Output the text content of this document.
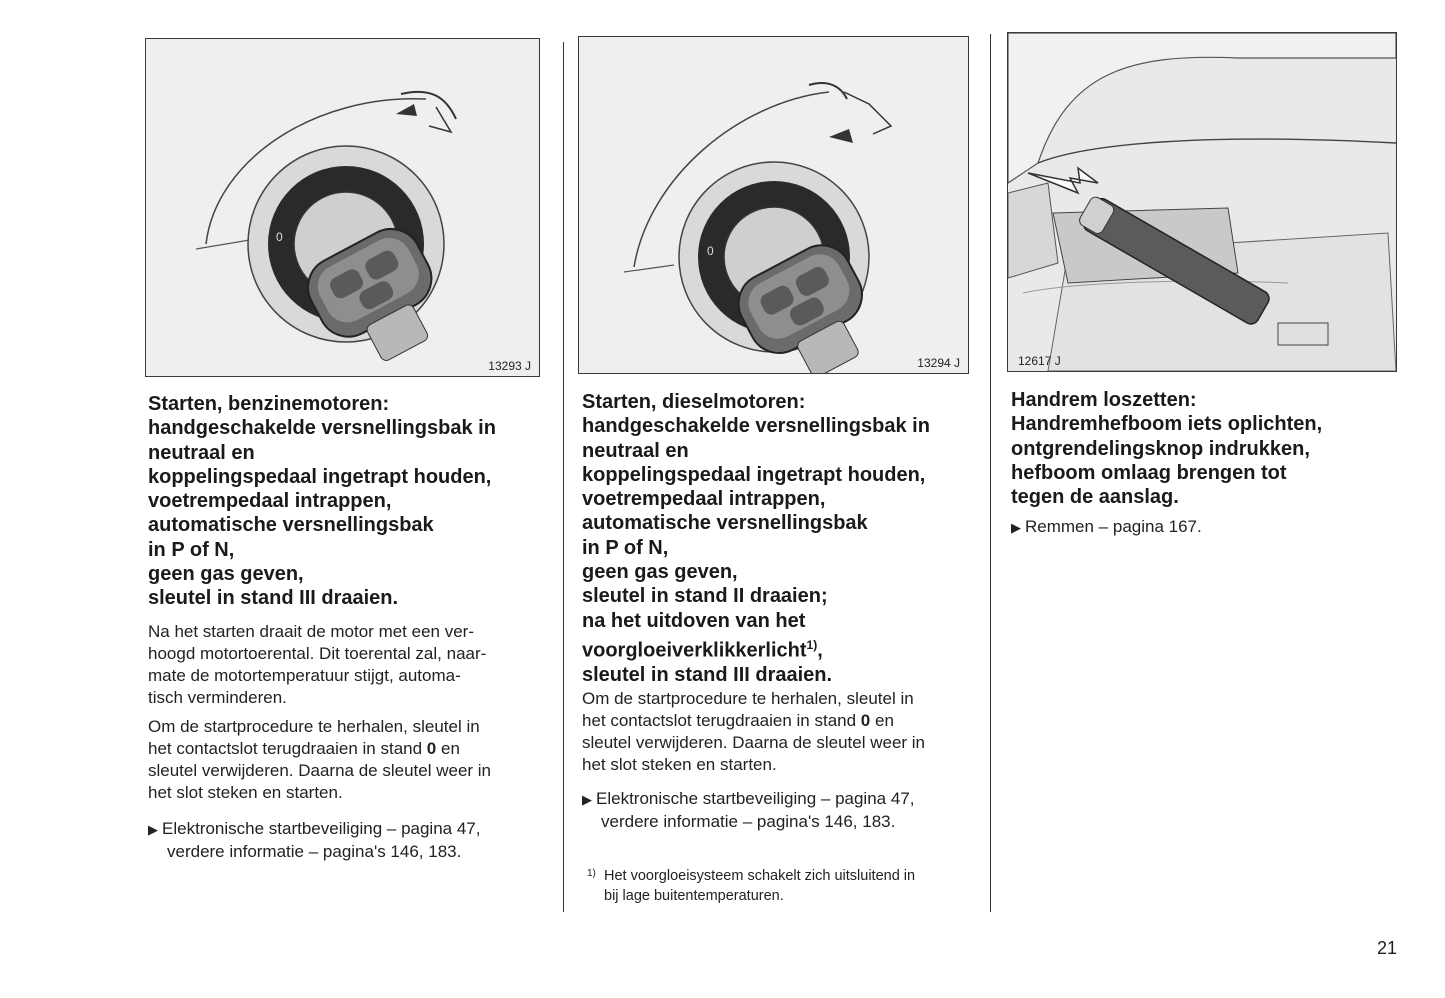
0
I	II
III
13293 J

Starten, benzinemotoren:
handgeschakelde versnellingsbak in
neutraal en
koppelingspedaal ingetrapt houden,
voetrempedaal intrappen,
automatische versnellingsbak
in P of N,
geen gas geven,
sleutel in stand III draaien.

Na het starten draait de motor met een ver-
hoogd motortoerental. Dit toerental zal, naar-
mate de motortemperatuur stijgt, automa-
tisch verminderen.

Om de startprocedure te herhalen, sleutel in
het contactslot terugdraaien in stand 0 en
sleutel verwijderen. Daarna de sleutel weer in
het slot steken en starten.

▶ Elektronische startbeveiliging – pagina 47,
verdere informatie – pagina's 146, 183.
0
I	II
III
13294 J

Starten, dieselmotoren:
handgeschakelde versnellingsbak in
neutraal en
koppelingspedaal ingetrapt houden,
voetrempedaal intrappen,
automatische versnellingsbak
in P of N,
geen gas geven,
sleutel in stand II draaien;
na het uitdoven van het
voorgloeiverklikkerlicht$^{1)}$,
sleutel in stand III draaien.

Om de startprocedure te herhalen, sleutel in
het contactslot terugdraaien in stand 0 en
sleutel verwijderen. Daarna de sleutel weer in
het slot steken en starten.

▶ Elektronische startbeveiliging – pagina 47,
verdere informatie – pagina's 146, 183.
1) Het voorgloeisysteem schakelt zich uitsluitend in
bij lage buitentemperaturen.
12617 J

Handrem loszetten:
Handremhefboom iets oplichten,
ontgrendelingsknop indrukken,
hefboom omlaag brengen tot
tegen de aanslag.

▶ Remmen – pagina 167.
21
